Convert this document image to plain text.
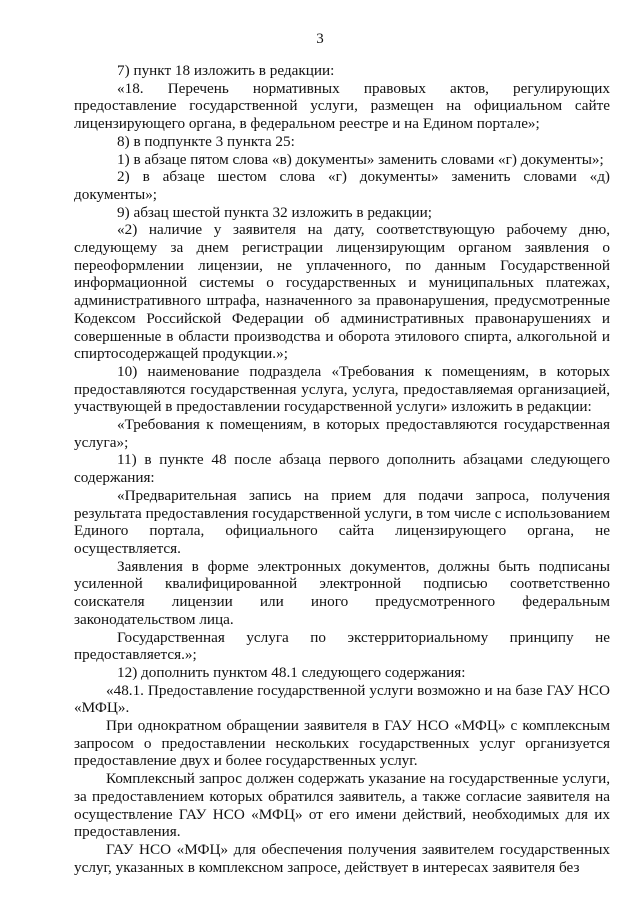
3

7) пункт 18 изложить в редакции:

«18. Перечень нормативных правовых актов, регулирующих предоставление государственной услуги, размещен на официальном сайте лицензирующего органа, в федеральном реестре и на Едином портале»;

8) в подпункте 3 пункта 25:

1) в абзаце пятом слова «в) документы» заменить словами «г) документы»;

2) в абзаце шестом слова «г) документы» заменить словами «д) документы»;

9) абзац шестой пункта 32 изложить в редакции;

«2) наличие у заявителя на дату, соответствующую рабочему дню, следующему за днем регистрации лицензирующим органом заявления о переоформлении лицензии, не уплаченного, по данным Государственной информационной системы о государственных и муниципальных платежах, административного штрафа, назначенного за правонарушения, предусмотренные Кодексом Российской Федерации об административных правонарушениях и совершенные в области производства и оборота этилового спирта, алкогольной и спиртосодержащей продукции.»;

10) наименование подраздела «Требования к помещениям, в которых предоставляются государственная услуга, услуга, предоставляемая организацией, участвующей в предоставлении государственной услуги» изложить в редакции:

«Требования к помещениям, в которых предоставляются государственная услуга»;

11) в пункте 48 после абзаца первого дополнить абзацами следующего содержания:

«Предварительная запись на прием для подачи запроса, получения результата предоставления государственной услуги, в том числе с использованием Единого портала, официального сайта лицензирующего органа, не осуществляется.

Заявления в форме электронных документов, должны быть подписаны усиленной квалифицированной электронной подписью соответственно соискателя лицензии или иного предусмотренного федеральным законодательством лица.

Государственная услуга по экстерриториальному принципу не предоставляется.»;

12) дополнить пунктом 48.1 следующего содержания:

«48.1. Предоставление государственной услуги возможно и на базе ГАУ НСО «МФЦ».

При однократном обращении заявителя в ГАУ НСО «МФЦ» с комплексным запросом о предоставлении нескольких государственных услуг организуется предоставление двух и более государственных услуг.

Комплексный запрос должен содержать указание на государственные услуги, за предоставлением которых обратился заявитель, а также согласие заявителя на осуществление ГАУ НСО «МФЦ» от его имени действий, необходимых для их предоставления.

ГАУ НСО «МФЦ» для обеспечения получения заявителем государственных услуг, указанных в комплексном запросе, действует в интересах заявителя без
